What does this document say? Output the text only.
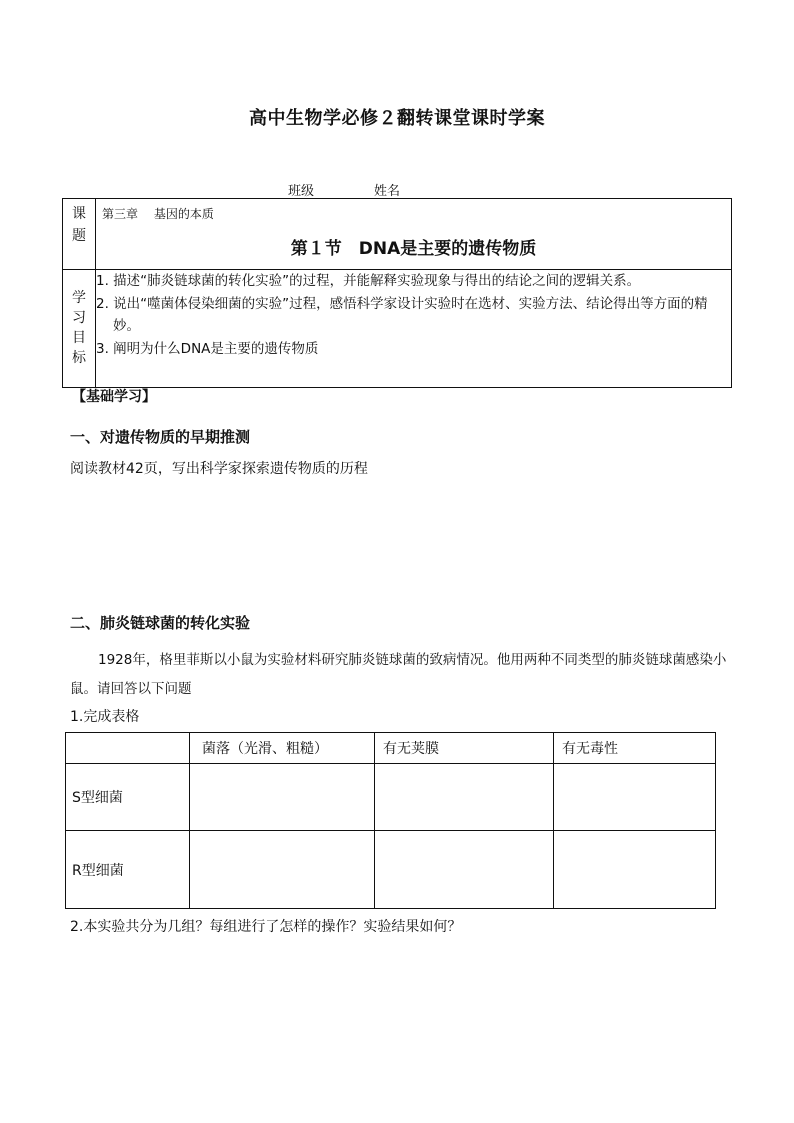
高中生物学必修２翻转课堂课时学案
班级	姓名
课题	第三章　 基因的本质
第１节　DNA是主要的遗传物质

学习目标	1. 描述“肺炎链球菌的转化实验”的过程，并能解释实验现象与得出的结论之间的逻辑关系。
2. 说出“噬菌体侵染细菌的实验”过程，感悟科学家设计实验时在选材、实验方法、结论得出等方面的精妙。
3. 阐明为什么DNA是主要的遗传物质
【基础学习】
一、对遗传物质的早期推测
阅读教材42页，写出科学家探索遗传物质的历程
二、肺炎链球菌的转化实验
1928年，格里菲斯以小鼠为实验材料研究肺炎链球菌的致病情况。他用两种不同类型的肺炎链球菌感染小鼠。请回答以下问题
1.完成表格
	菌落（光滑、粗糙）	有无荚膜	有无毒性
S型细菌			
R型细菌			
2.本实验共分为几组？每组进行了怎样的操作？实验结果如何？
